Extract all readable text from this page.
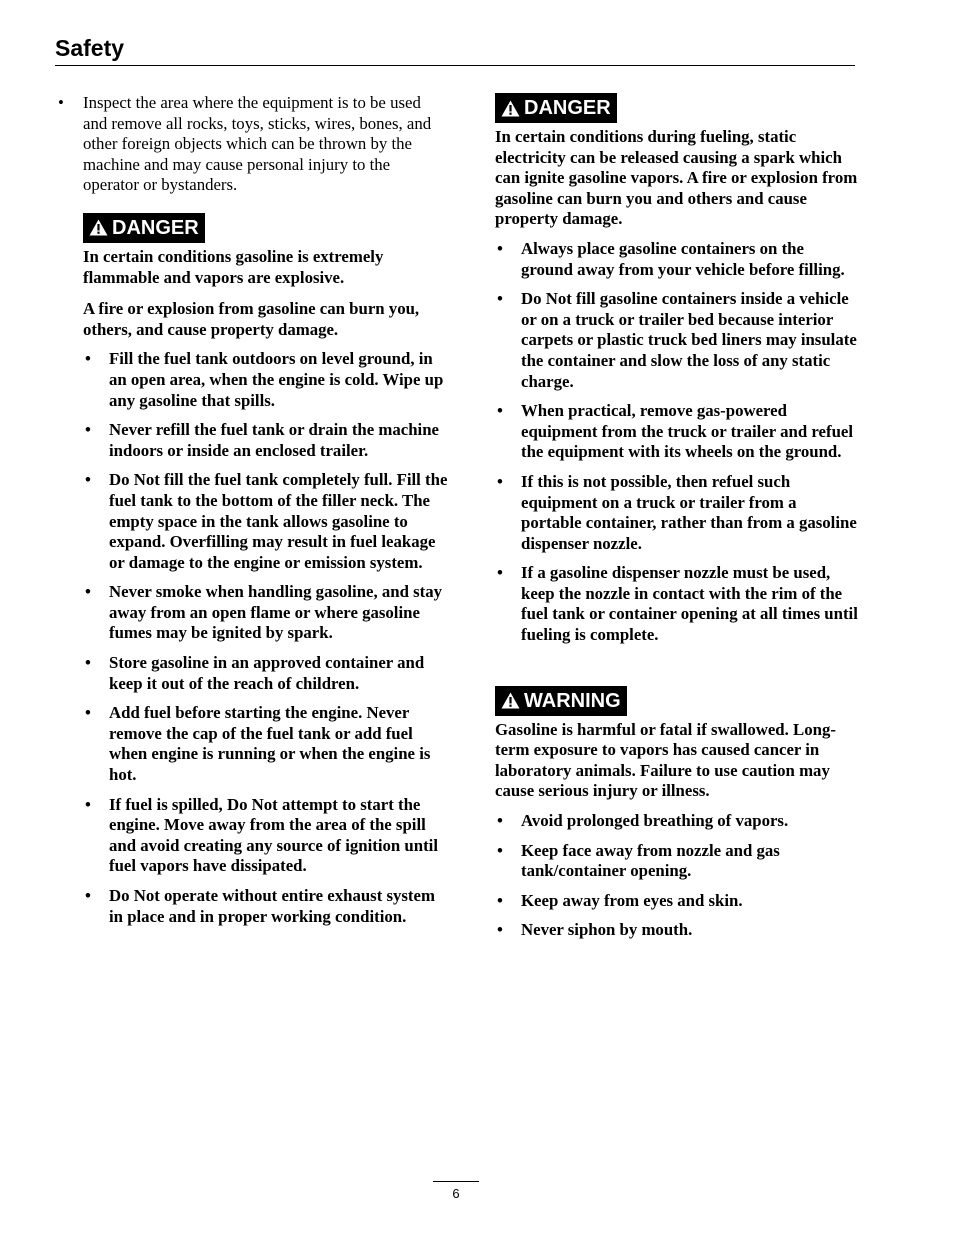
Safety
• Inspect the area where the equipment is to be used and remove all rocks, toys, sticks, wires, bones, and other foreign objects which can be thrown by the machine and may cause personal injury to the operator or bystanders.
DANGER

In certain conditions gasoline is extremely flammable and vapors are explosive.

A fire or explosion from gasoline can burn you, others, and cause property damage.

• Fill the fuel tank outdoors on level ground, in an open area, when the engine is cold. Wipe up any gasoline that spills.
• Never refill the fuel tank or drain the machine indoors or inside an enclosed trailer.
• Do Not fill the fuel tank completely full. Fill the fuel tank to the bottom of the filler neck. The empty space in the tank allows gasoline to expand. Overfilling may result in fuel leakage or damage to the engine or emission system.
• Never smoke when handling gasoline, and stay away from an open flame or where gasoline fumes may be ignited by spark.
• Store gasoline in an approved container and keep it out of the reach of children.
• Add fuel before starting the engine. Never remove the cap of the fuel tank or add fuel when engine is running or when the engine is hot.
• If fuel is spilled, Do Not attempt to start the engine. Move away from the area of the spill and avoid creating any source of ignition until fuel vapors have dissipated.
• Do Not operate without entire exhaust system in place and in proper working condition.
DANGER

In certain conditions during fueling, static electricity can be released causing a spark which can ignite gasoline vapors. A fire or explosion from gasoline can burn you and others and cause property damage.

• Always place gasoline containers on the ground away from your vehicle before filling.
• Do Not fill gasoline containers inside a vehicle or on a truck or trailer bed because interior carpets or plastic truck bed liners may insulate the container and slow the loss of any static charge.
• When practical, remove gas-powered equipment from the truck or trailer and refuel the equipment with its wheels on the ground.
• If this is not possible, then refuel such equipment on a truck or trailer from a portable container, rather than from a gasoline dispenser nozzle.
• If a gasoline dispenser nozzle must be used, keep the nozzle in contact with the rim of the fuel tank or container opening at all times until fueling is complete.
WARNING

Gasoline is harmful or fatal if swallowed. Long-term exposure to vapors has caused cancer in laboratory animals. Failure to use caution may cause serious injury or illness.

• Avoid prolonged breathing of vapors.
• Keep face away from nozzle and gas tank/container opening.
• Keep away from eyes and skin.
• Never siphon by mouth.
6
